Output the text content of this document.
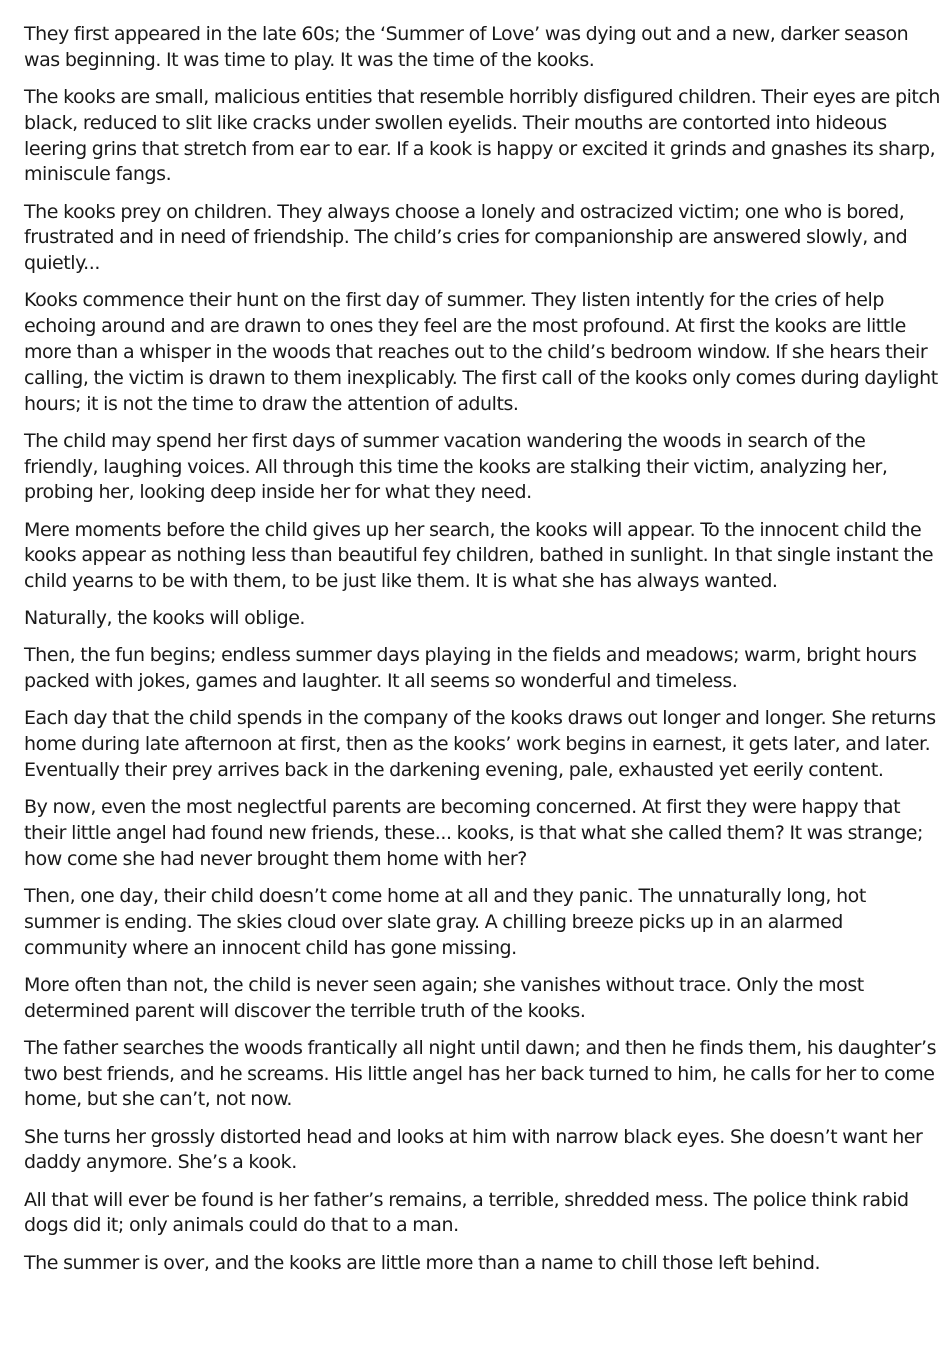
They first appeared in the late 60s; the ‘Summer of Love’ was dying out and a new, darker season was beginning. It was time to play. It was the time of the kooks.

The kooks are small, malicious entities that resemble horribly disfigured children. Their eyes are pitch black, reduced to slit like cracks under swollen eyelids. Their mouths are contorted into hideous leering grins that stretch from ear to ear. If a kook is happy or excited it grinds and gnashes its sharp, miniscule fangs.

The kooks prey on children. They always choose a lonely and ostracized victim; one who is bored, frustrated and in need of friendship. The child’s cries for companionship are answered slowly, and quietly...

Kooks commence their hunt on the first day of summer. They listen intently for the cries of help echoing around and are drawn to ones they feel are the most profound. At first the kooks are little more than a whisper in the woods that reaches out to the child’s bedroom window. If she hears their calling, the victim is drawn to them inexplicably. The first call of the kooks only comes during daylight hours; it is not the time to draw the attention of adults.

The child may spend her first days of summer vacation wandering the woods in search of the friendly, laughing voices. All through this time the kooks are stalking their victim, analyzing her, probing her, looking deep inside her for what they need.

Mere moments before the child gives up her search, the kooks will appear. To the innocent child the kooks appear as nothing less than beautiful fey children, bathed in sunlight. In that single instant the child yearns to be with them, to be just like them. It is what she has always wanted.

Naturally, the kooks will oblige.

Then, the fun begins; endless summer days playing in the fields and meadows; warm, bright hours packed with jokes, games and laughter. It all seems so wonderful and timeless.

Each day that the child spends in the company of the kooks draws out longer and longer. She returns home during late afternoon at first, then as the kooks’ work begins in earnest, it gets later, and later. Eventually their prey arrives back in the darkening evening, pale, exhausted yet eerily content.

By now, even the most neglectful parents are becoming concerned. At first they were happy that their little angel had found new friends, these... kooks, is that what she called them? It was strange; how come she had never brought them home with her?

Then, one day, their child doesn’t come home at all and they panic. The unnaturally long, hot summer is ending. The skies cloud over slate gray. A chilling breeze picks up in an alarmed community where an innocent child has gone missing.

More often than not, the child is never seen again; she vanishes without trace. Only the most determined parent will discover the terrible truth of the kooks.

The father searches the woods frantically all night until dawn; and then he finds them, his daughter’s two best friends, and he screams. His little angel has her back turned to him, he calls for her to come home, but she can’t, not now.

She turns her grossly distorted head and looks at him with narrow black eyes. She doesn’t want her daddy anymore. She’s a kook.

All that will ever be found is her father’s remains, a terrible, shredded mess. The police think rabid dogs did it; only animals could do that to a man.

The summer is over, and the kooks are little more than a name to chill those left behind.
